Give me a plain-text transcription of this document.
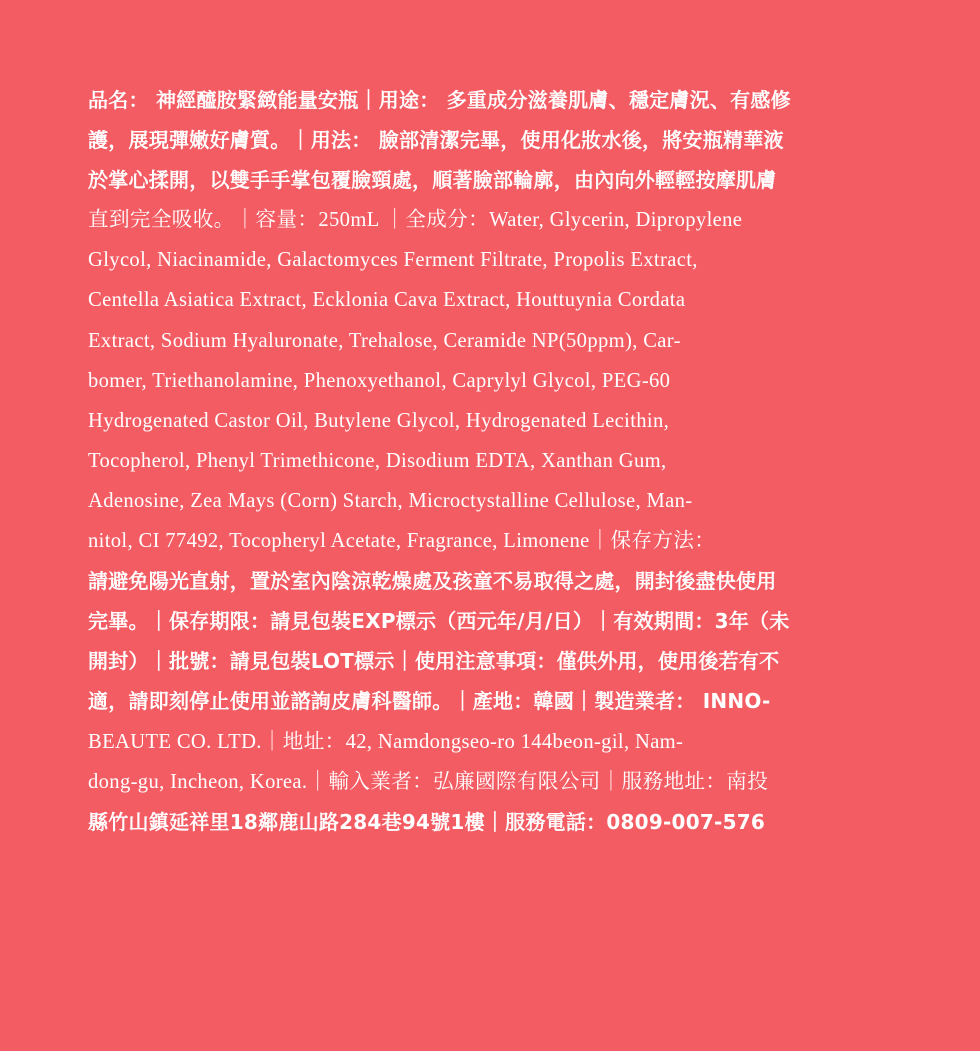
品名： 神經醯胺緊緻能量安瓶｜用途： 多重成分滋養肌膚、穩定膚況、有感修
護，展現彈嫩好膚質。｜用法： 臉部清潔完畢，使用化妝水後，將安瓶精華液
於掌心揉開，以雙手手掌包覆臉頸處，順著臉部輪廓，由內向外輕輕按摩肌膚
直到完全吸收。｜容量：250mL ｜全成分：Water, Glycerin, Dipropylene
Glycol, Niacinamide, Galactomyces Ferment Filtrate, Propolis Extract,
Centella Asiatica Extract, Ecklonia Cava Extract, Houttuynia Cordata
Extract, Sodium Hyaluronate, Trehalose, Ceramide NP(50ppm), Car-
bomer, Triethanolamine, Phenoxyethanol, Caprylyl Glycol, PEG-60
Hydrogenated Castor Oil, Butylene Glycol, Hydrogenated Lecithin,
Tocopherol, Phenyl Trimethicone, Disodium EDTA, Xanthan Gum,
Adenosine, Zea Mays (Corn) Starch, Microctystalline Cellulose, Man-
nitol, CI 77492, Tocopheryl Acetate, Fragrance, Limonene｜保存方法：
請避免陽光直射，置於室內陰涼乾燥處及孩童不易取得之處，開封後盡快使用
完畢。｜保存期限：請見包裝EXP標示（西元年/月/日）｜有效期間：3年（未
開封）｜批號：請見包裝LOT標示｜使用注意事項：僅供外用，使用後若有不
適，請即刻停止使用並諮詢皮膚科醫師。｜產地：韓國｜製造業者： INNO-
BEAUTE CO. LTD.｜地址：42, Namdongseo-ro 144beon-gil, Nam-
dong-gu, Incheon, Korea.｜輸入業者：弘廉國際有限公司｜服務地址：南投
縣竹山鎮延祥里18鄰鹿山路284巷94號1樓｜服務電話：0809-007-576
